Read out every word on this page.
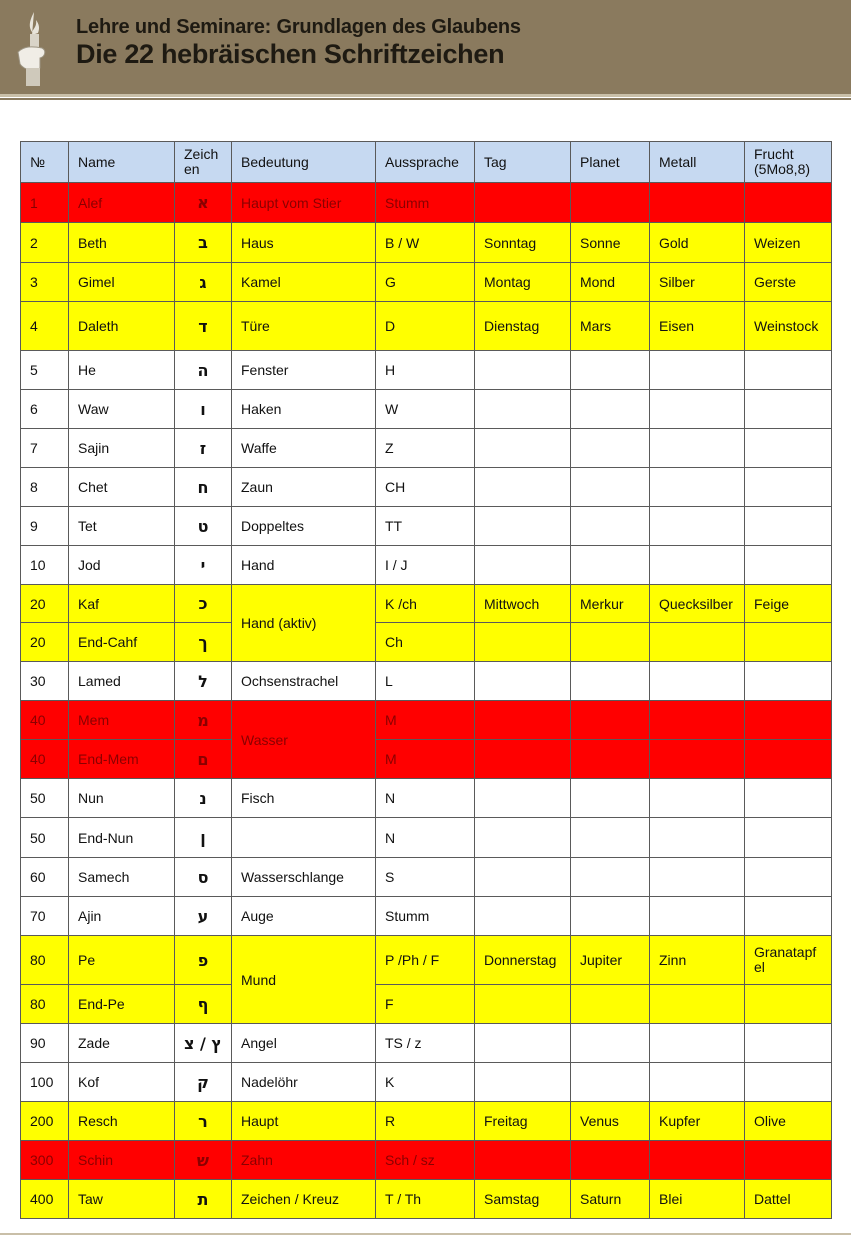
Lehre und Seminare: Grundlagen des Glaubens
Die 22 hebräischen Schriftzeichen
№	Name	Zeich en	Bedeutung	Aussprache	Tag	Planet	Metall	Frucht (5Mo8,8)
1	Alef	א	Haupt vom Stier	Stumm				
2	Beth	ב	Haus	B / W	Sonntag	Sonne	Gold	Weizen
3	Gimel	ג	Kamel	G	Montag	Mond	Silber	Gerste
4	Daleth	ד	Türe	D	Dienstag	Mars	Eisen	Weinstock
5	He	ה	Fenster	H				
6	Waw	ו	Haken	W				
7	Sajin	ז	Waffe	Z				
8	Chet	ח	Zaun	CH				
9	Tet	ט	Doppeltes	TT				
10	Jod	י	Hand	I / J				
20	Kaf	כ	Hand (aktiv)	K /ch	Mittwoch	Merkur	Quecksilber	Feige
20	End-Cahf	ך		Ch				
30	Lamed	ל	Ochsenstrachel	L				
40	Mem	מ	Wasser	M				
40	End-Mem	ם		M				
50	Nun	נ	Fisch	N				
50	End-Nun	ן		N				
60	Samech	ס	Wasserschlange	S				
70	Ajin	ע	Auge	Stumm				
80	Pe	פ	Mund	P /Ph / F	Donnerstag	Jupiter	Zinn	Granatapf el
80	End-Pe	ף		F				
90	Zade	ץ / צ	Angel	TS / z				
100	Kof	ק	Nadelöhr	K				
200	Resch	ר	Haupt	R	Freitag	Venus	Kupfer	Olive
300	Schin	ש	Zahn	Sch / sz				
400	Taw	ת	Zeichen / Kreuz	T / Th	Samstag	Saturn	Blei	Dattel
